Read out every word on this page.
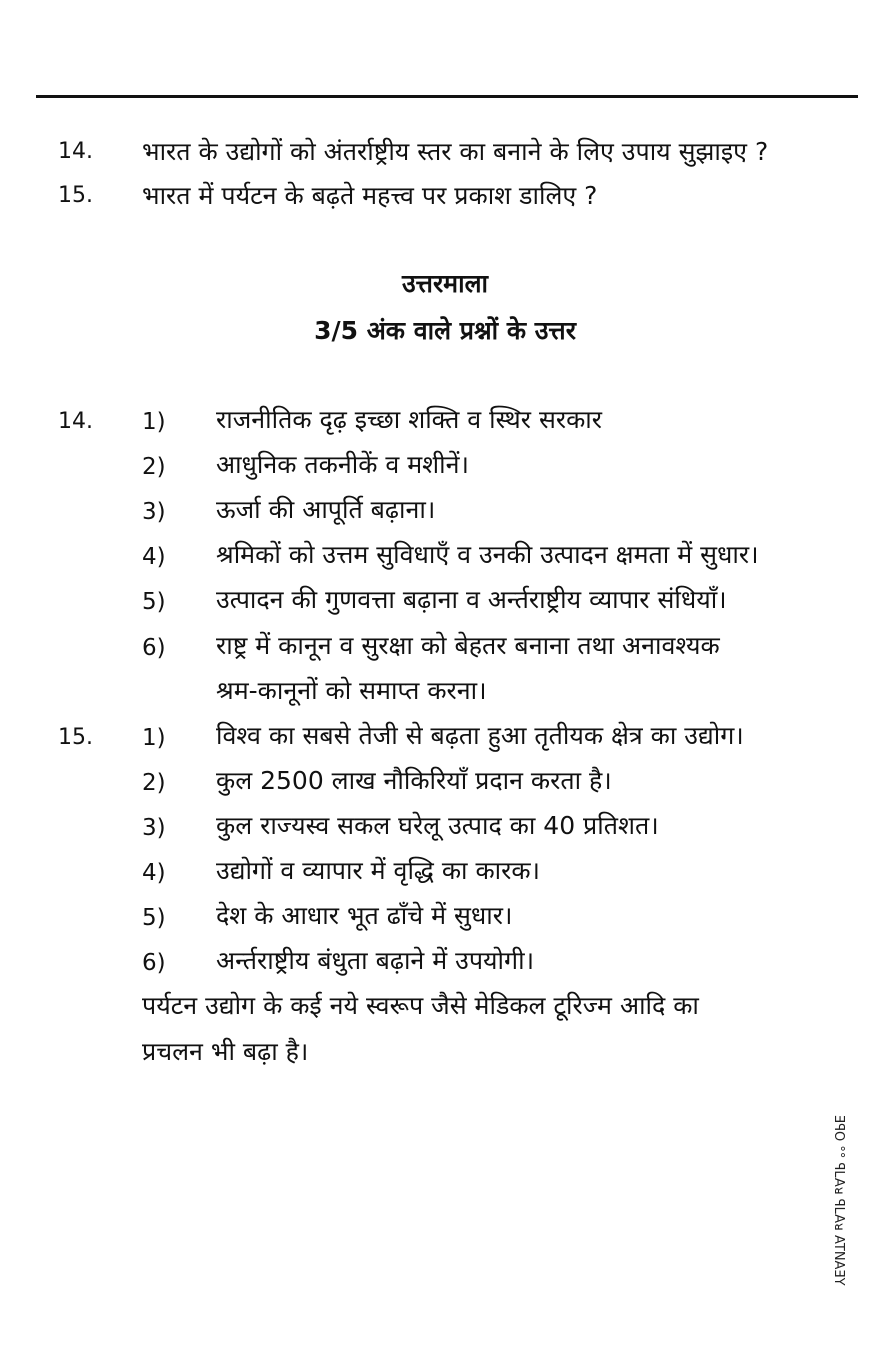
14. भारत के उद्योगों को अंतर्राष्ट्रीय स्तर का बनाने के लिए उपाय सुझाइए ?
15. भारत में पर्यटन के बढ़ते महत्त्व पर प्रकाश डालिए ?
उत्तरमाला
3/5 अंक वाले प्रश्नों के उत्तर
14. 1) राजनीतिक दृढ़ इच्छा शक्ति व स्थिर सरकार
2) आधुनिक तकनीकें व मशीनें।
3) ऊर्जा की आपूर्ति बढ़ाना।
4) श्रमिकों को उत्तम सुविधाएँ व उनकी उत्पादन क्षमता में सुधार।
5) उत्पादन की गुणवत्ता बढ़ाना व अर्न्तराष्ट्रीय व्यापार संधियाँ।
6) राष्ट्र में कानून व सुरक्षा को बेहतर बनाना तथा अनावश्यक
श्रम-कानूनों को समाप्त करना।
15. 1) विश्व का सबसे तेजी से बढ़ता हुआ तृतीयक क्षेत्र का उद्योग।
2) कुल 2500 लाख नौकिरियाँ प्रदान करता है।
3) कुल राज्यस्व सकल घरेलू उत्पाद का 40 प्रतिशत।
4) उद्योगों व व्यापार में वृद्धि का कारक।
5) देश के आधार भूत ढाँचे में सुधार।
6) अर्न्तराष्ट्रीय बंधुता बढ़ाने में उपयोगी।
पर्यटन उद्योग के कई नये स्वरूप जैसे मेडिकल टूरिज्म आदि का
प्रचलन भी बढ़ा है।
ƎꟼO °° ꟼLAᴚ ꟼLAᴚ ATNAƎY
